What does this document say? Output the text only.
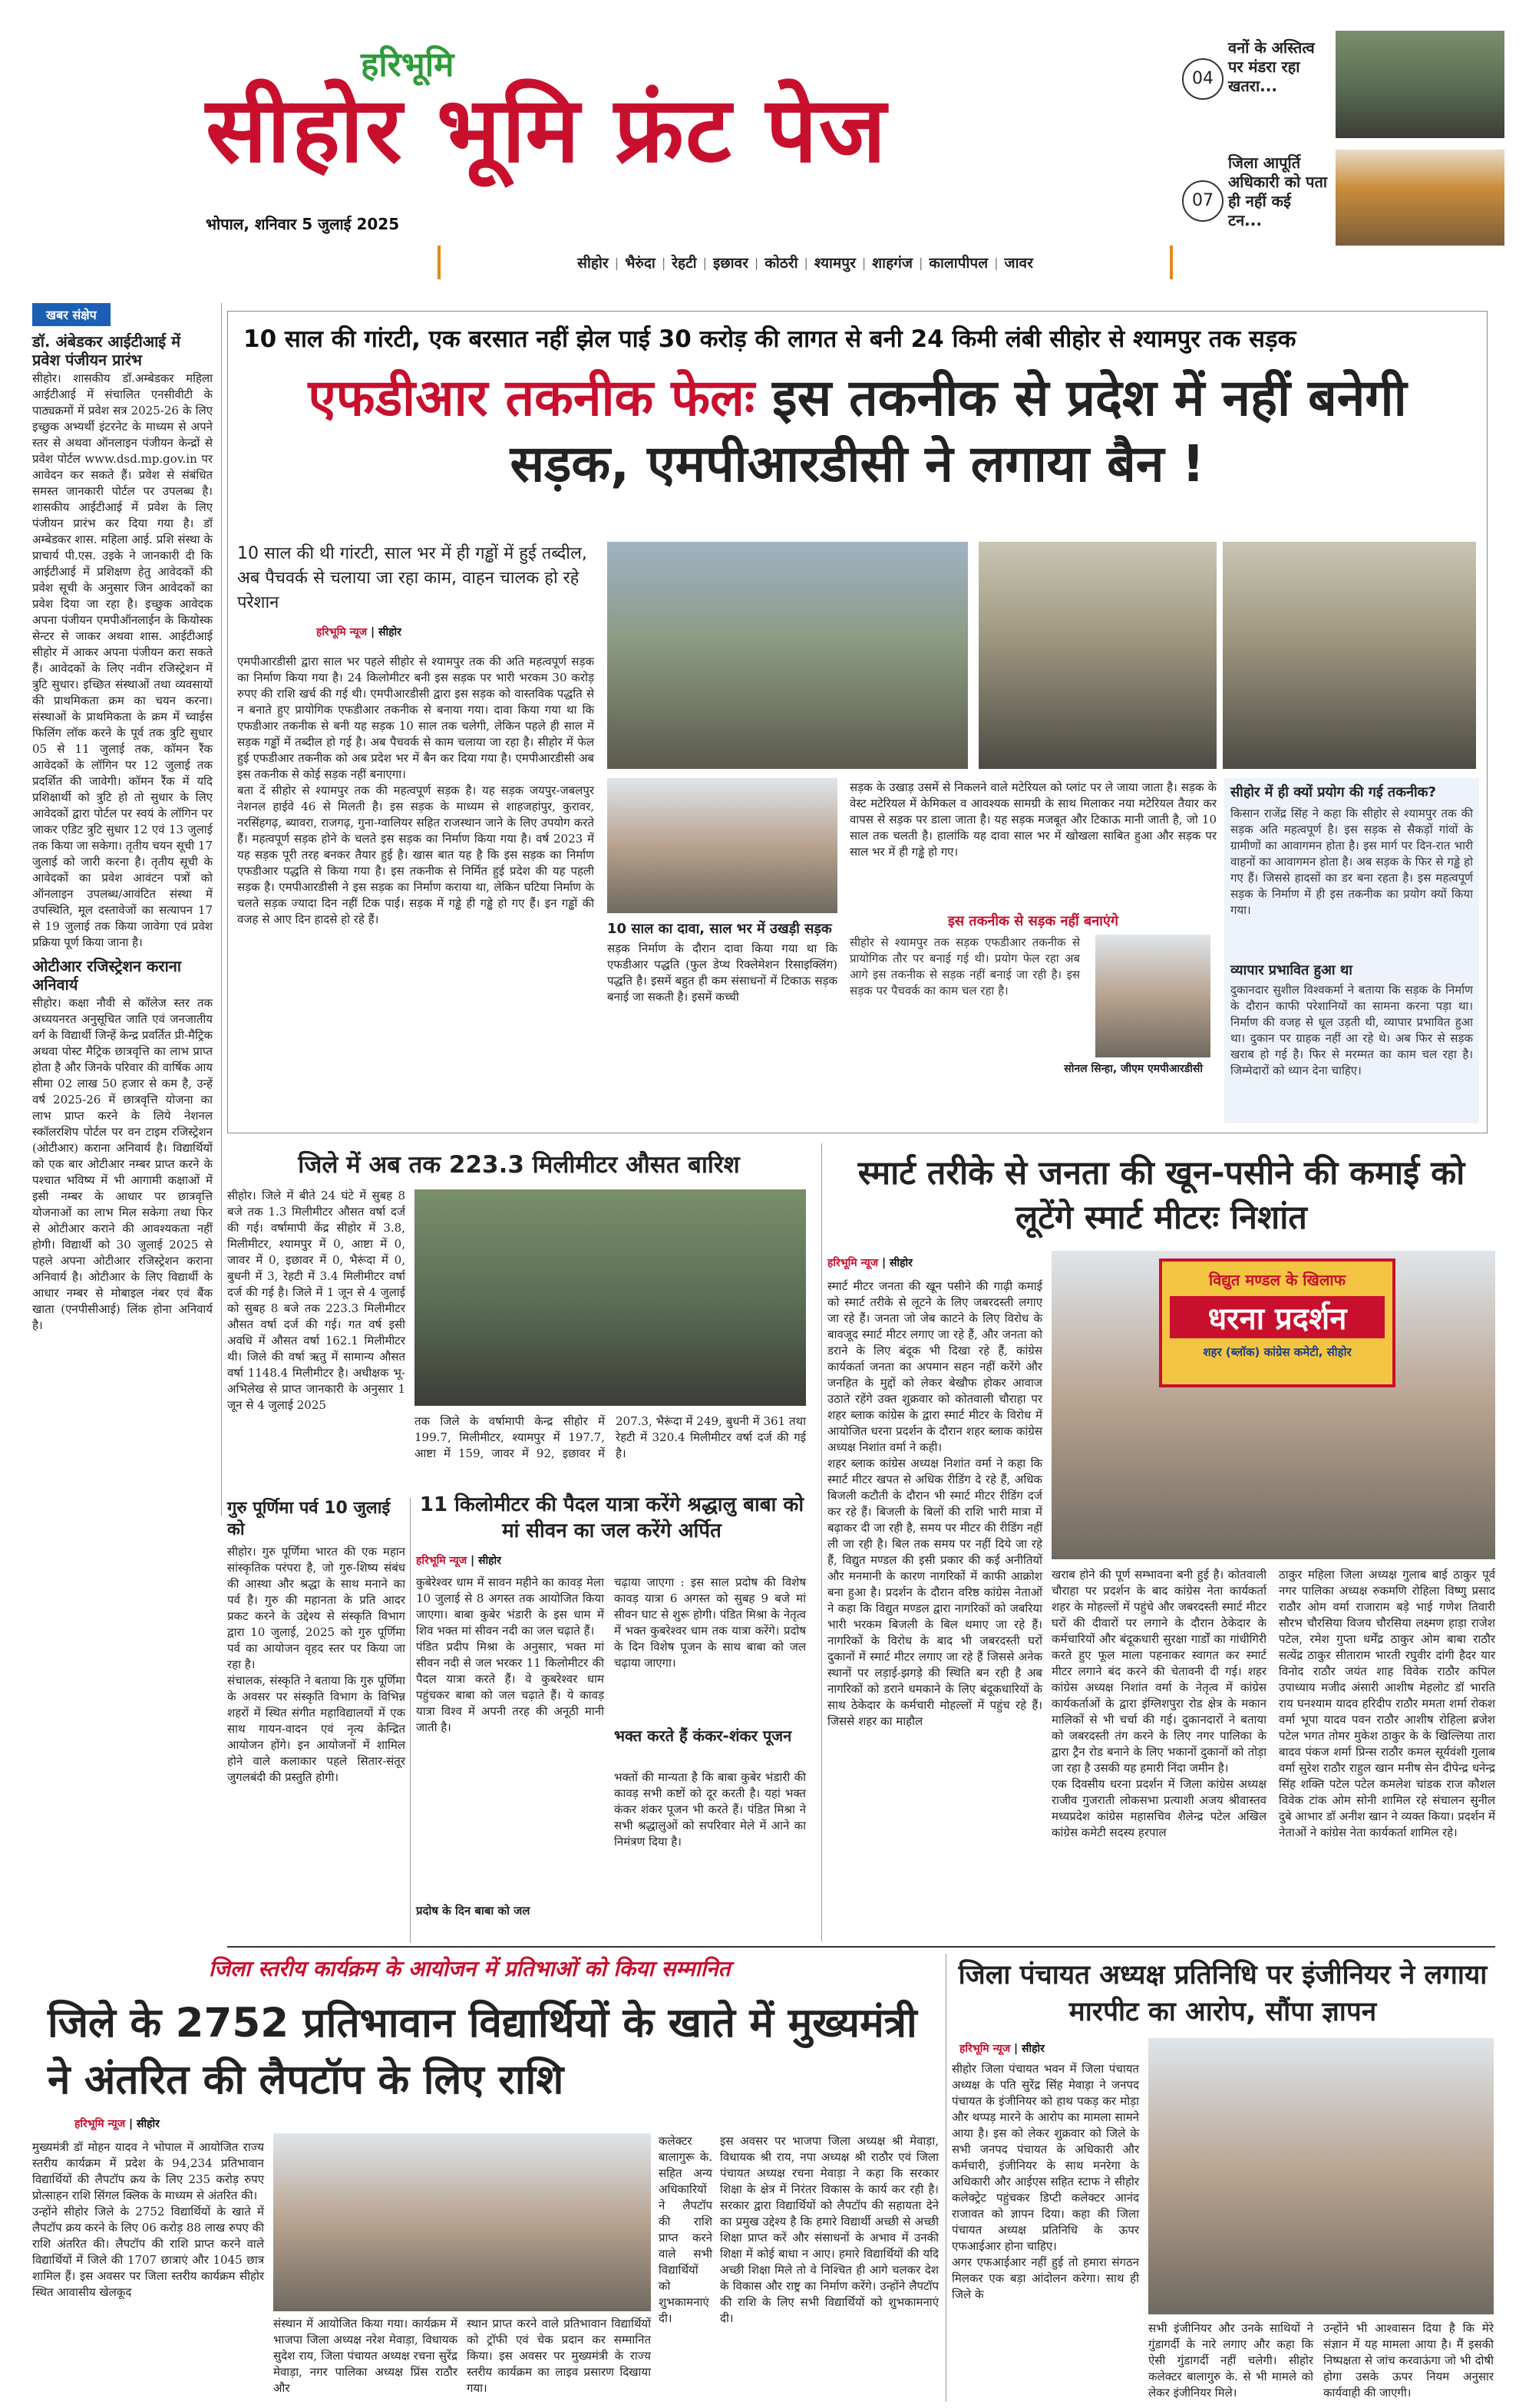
हरिभूमि
सीहोर भूमि फ्रंट पेज
भोपाल, शनिवार 5 जुलाई 2025
सीहोर | भैरुंदा | रेहटी | इछावर | कोठरी | श्यामपुर | शाहगंज | कालापीपल | जावर
04
वनों के अस्तित्व पर मंडरा रहा खतरा...
07
जिला आपूर्ति अधिकारी को पता ही नहीं कई टन...
खबर संक्षेप
डॉ. अंबेडकर आईटीआई में प्रवेश पंजीयन प्रारंभ
सीहोर। शासकीय डॉ.अम्बेडकर महिला आईटीआई में संचालित एनसीवीटी के पाठ्यक्रमों में प्रवेश सत्र 2025-26 के लिए इच्छुक अभ्यर्थी इंटरनेट के माध्यम से अपने स्तर से अथवा ऑनलाइन पंजीयन केन्द्रों से प्रवेश पोर्टल www.dsd.mp.gov.in पर आवेदन कर सकते हैं। प्रवेश से संबंधित समस्त जानकारी पोर्टल पर उपलब्ध है। शासकीय आईटीआई में प्रवेश के लिए पंजीयन प्रारंभ कर दिया गया है। डॉ अम्बेडकर शास. महिला आई. प्रशि संस्था के प्राचार्य पी.एस. उइके ने जानकारी दी कि आईटीआई में प्रशिक्षण हेतु आवेदकों की प्रवेश सूची के अनुसार जिन आवेदकों का प्रवेश दिया जा रहा है। इच्छुक आवेदक अपना पंजीयन एमपीऑनलाईन के कियोस्क सेन्टर से जाकर अथवा शास. आईटीआई सीहोर में आकर अपना पंजीयन करा सकते हैं। आवेदकों के लिए नवीन रजिस्ट्रेशन में त्रुटि सुधार। इच्छित संस्थाओं तथा व्यवसायों की प्राथमिकता क्रम का चयन करना। संस्थाओं के प्राथमिकता के क्रम में च्वाईस फिलिंग लॉक करने के पूर्व तक त्रुटि सुधार 05 से 11 जुलाई तक, कॉमन रैंक आवेदकों के लॉगिन पर 12 जुलाई तक प्रदर्शित की जावेगी। कॉमन रैंक में यदि प्रशिक्षार्थी को त्रुटि हो तो सुधार के लिए आवेदकों द्वारा पोर्टल पर स्वयं के लॉगिन पर जाकर एडिट त्रुटि सुधार 12 एवं 13 जुलाई तक किया जा सकेगा। तृतीय चयन सूची 17 जुलाई को जारी करना है। तृतीय सूची के आवेदकों का प्रवेश आवंटन पत्रों को ऑनलाइन उपलब्ध/आवंटित संस्था में उपस्थिति, मूल दस्तावेजों का सत्यापन 17 से 19 जुलाई तक किया जावेगा एवं प्रवेश प्रक्रिया पूर्ण किया जाना है।
ओटीआर रजिस्ट्रेशन कराना अनिवार्य
सीहोर। कक्षा नौवी से कॉलेज स्तर तक अध्ययनरत अनुसूचित जाति एवं जनजातीय वर्ग के विद्यार्थी जिन्हें केन्द्र प्रवर्तित प्री-मैट्रिक अथवा पोस्ट मैट्रिक छात्रवृत्ति का लाभ प्राप्त होता है और जिनके परिवार की वार्षिक आय सीमा 02 लाख 50 हजार से कम है, उन्हें वर्ष 2025-26 में छात्रवृत्ति योजना का लाभ प्राप्त करने के लिये नेशनल स्कॉलरशिप पोर्टल पर वन टाइम रजिस्ट्रेशन (ओटीआर) कराना अनिवार्य है। विद्यार्थियों को एक बार ओटीआर नम्बर प्राप्त करने के पश्चात भविष्य में भी आगामी कक्षाओं में इसी नम्बर के आधार पर छात्रवृत्ति योजनाओं का लाभ मिल सकेगा तथा फिर से ओटीआर कराने की आवश्यकता नहीं होगी। विद्यार्थी को 30 जुलाई 2025 से पहले अपना ओटीआर रजिस्ट्रेशन कराना अनिवार्य है। ओटीआर के लिए विद्यार्थी के आधार नम्बर से मोबाइल नंबर एवं बैंक खाता (एनपीसीआई) लिंक होना अनिवार्य है।
10 साल की गांरटी, एक बरसात नहीं झेल पाई 30 करोड़ की लागत से बनी 24 किमी लंबी सीहोर से श्यामपुर तक सड़क
एफडीआर तकनीक फेलः इस तकनीक से प्रदेश में नहीं बनेगी सड़क, एमपीआरडीसी ने लगाया बैन !
10 साल की थी गांरटी, साल भर में ही गड्ढों में हुई तब्दील, अब पैचवर्क से चलाया जा रहा काम, वाहन चालक हो रहे परेशान
हरिभूमि न्यूज | सीहोर
एमपीआरडीसी द्वारा साल भर पहले सीहोर से श्यामपुर तक की अति महत्वपूर्ण सड़क का निर्माण किया गया है। 24 किलोमीटर बनी इस सड़क पर भारी भरकम 30 करोड़ रुपए की राशि खर्च की गई थी। एमपीआरडीसी द्वारा इस सड़क को वास्तविक पद्धति से न बनाते हुए प्रायोगिक एफडीआर तकनीक से बनाया गया। दावा किया गया था कि एफडीआर तकनीक से बनी यह सड़क 10 साल तक चलेगी, लेकिन पहले ही साल में सड़क गड्ढों में तब्दील हो गई है। अब पैचवर्क से काम चलाया जा रहा है। सीहोर में फेल हुई एफडीआर तकनीक को अब प्रदेश भर में बैन कर दिया गया है। एमपीआरडीसी अब इस तकनीक से कोई सड़क नहीं बनाएगा।
बता दें सीहोर से श्यामपुर तक की महत्वपूर्ण सड़क है। यह सड़क जयपुर-जबलपुर नेशनल हाईवे 46 से मिलती है। इस सड़क के माध्यम से शाहजहांपुर, कुरावर, नरसिंहगढ़, ब्यावरा, राजगढ़, गुना-ग्वालियर सहित राजस्थान जाने के लिए उपयोग करते हैं। महत्वपूर्ण सड़क होने के चलते इस सड़क का निर्माण किया गया है। वर्ष 2023 में यह सड़क पूरी तरह बनकर तैयार हुई है। खास बात यह है कि इस सड़क का निर्माण एफडीआर पद्धति से किया गया है। इस तकनीक से निर्मित हुई प्रदेश की यह पहली सड़क है। एमपीआरडीसी ने इस सड़क का निर्माण कराया था, लेकिन घटिया निर्माण के चलते सड़क ज्यादा दिन नहीं टिक पाई। सड़क में गड्ढे ही गड्ढे हो गए हैं। इन गड्ढों की वजह से आए दिन हादसे हो रहे हैं।
सड़क के उखाड़ उसमें से निकलने वाले मटेरियल को प्लांट पर ले जाया जाता है। सड़क के वेस्ट मटेरियल में केमिकल व आवश्यक सामग्री के साथ मिलाकर नया मटेरियल तैयार कर वापस से सड़क पर डाला जाता है। यह सड़क मजबूत और टिकाऊ मानी जाती है, जो 10 साल तक चलती है। हालांकि यह दावा साल भर में खोखला साबित हुआ और सड़क पर साल भर में ही गड्ढे हो गए।
10 साल का दावा, साल भर में उखड़ी सड़क
सड़क निर्माण के दौरान दावा किया गया था कि एफडीआर पद्धति (फुल डेप्थ रिक्लेमेशन रिसाइक्लिंग) पद्धति है। इसमें बहुत ही कम संसाधनों में टिकाऊ सड़क बनाई जा सकती है। इसमें कच्ची
इस तकनीक से सड़क नहीं बनाएंगे
सीहोर से श्यामपुर तक सड़क एफडीआर तकनीक से प्रायोगिक तौर पर बनाई गई थी। प्रयोग फेल रहा अब आगे इस तकनीक से सड़क नहीं बनाई जा रही है। इस सड़क पर पैचवर्क का काम चल रहा है।
सोनल सिन्हा, जीएम एमपीआरडीसी
सीहोर में ही क्यों प्रयोग की गई तकनीक?
किसान राजेंद्र सिंह ने कहा कि सीहोर से श्यामपुर तक की सड़क अति महत्वपूर्ण है। इस सड़क से सैकड़ों गांवों के ग्रामीणों का आवागमन होता है। इस मार्ग पर दिन-रात भारी वाहनों का आवागमन होता है। अब सड़क के फिर से गड्ढे हो गए हैं। जिससे हादसों का डर बना रहता है। इस महत्वपूर्ण सड़क के निर्माण में ही इस तकनीक का प्रयोग क्यों किया गया।
व्यापार प्रभावित हुआ था
दुकानदार सुशील विश्वकर्मा ने बताया कि सड़क के निर्माण के दौरान काफी परेशानियों का सामना करना पड़ा था। निर्माण की वजह से धूल उड़ती थी, व्यापार प्रभावित हुआ था। दुकान पर ग्राहक नहीं आ रहे थे। अब फिर से सड़क खराब हो गई है। फिर से मरम्मत का काम चल रहा है। जिम्मेदारों को ध्यान देना चाहिए।
जिले में अब तक 223.3 मिलीमीटर औसत बारिश
सीहोर। जिले में बीते 24 घंटे में सुबह 8 बजे तक 1.3 मिलीमीटर औसत वर्षा दर्ज की गई। वर्षामापी केंद्र सीहोर में 3.8, मिलीमीटर, श्यामपुर में 0, आष्टा में 0, जावर में 0, इछावर में 0, भैरूंदा में 0, बुधनी में 3, रेहटी में 3.4 मिलीमीटर वर्षा दर्ज की गई है। जिले में 1 जून से 4 जुलाई को सुबह 8 बजे तक 223.3 मिलीमीटर औसत वर्षा दर्ज की गई। गत वर्ष इसी अवधि में औसत वर्षा 162.1 मिलीमीटर थी। जिले की वर्षा ऋतु में सामान्य औसत वर्षा 1148.4 मिलीमीटर है। अधीक्षक भू-अभिलेख से प्राप्त जानकारी के अनुसार 1 जून से 4 जुलाई 2025
तक जिले के वर्षामापी केन्द्र सीहोर में 199.7, मिलीमीटर, श्यामपुर में 197.7, आष्टा में 159, जावर में 92, इछावर में 207.3, भैरूंदा में 249, बुधनी में 361 तथा रेहटी में 320.4 मिलीमीटर वर्षा दर्ज की गई है।
गुरु पूर्णिमा पर्व 10 जुलाई को
सीहोर। गुरु पूर्णिमा भारत की एक महान सांस्कृतिक परंपरा है, जो गुरु-शिष्य संबंध की आस्था और श्रद्धा के साथ मनाने का पर्व है। गुरु की महानता के प्रति आदर प्रकट करने के उद्देश्य से संस्कृति विभाग द्वारा 10 जुलाई, 2025 को गुरु पूर्णिमा पर्व का आयोजन वृहद स्तर पर किया जा रहा है।
संचालक, संस्कृति ने बताया कि गुरु पूर्णिमा के अवसर पर संस्कृति विभाग के विभिन्न शहरों में स्थित संगीत महाविद्यालयों में एक साथ गायन-वादन एवं नृत्य केन्द्रित आयोजन होंगे। इन आयोजनों में शामिल होने वाले कलाकार पहले सितार-संतूर जुगलबंदी की प्रस्तुति होगी।
11 किलोमीटर की पैदल यात्रा करेंगे श्रद्धालु बाबा को मां सीवन का जल करेंगे अर्पित
हरिभूमि न्यूज | सीहोर
कुबेरेश्वर धाम में सावन महीने का कावड़ मेला 10 जुलाई से 8 अगस्त तक आयोजित किया जाएगा। बाबा कुबेर भंडारी के इस धाम में शिव भक्त मां सीवन नदी का जल चढ़ाते हैं।
पंडित प्रदीप मिश्रा के अनुसार, भक्त मां सीवन नदी से जल भरकर 11 किलोमीटर की पैदल यात्रा करते हैं। वे कुबरेश्वर धाम पहुंचकर बाबा को जल चढ़ाते हैं। ये कावड़ यात्रा विश्व में अपनी तरह की अनूठी मानी जाती है।
प्रदोष के दिन बाबा को जल
चढ़ाया जाएगा : इस साल प्रदोष की विशेष कावड़ यात्रा 6 अगस्त को सुबह 9 बजे मां सीवन घाट से शुरू होगी। पंडित मिश्रा के नेतृत्व में भक्त कुबरेश्वर धाम तक यात्रा करेंगे। प्रदोष के दिन विशेष पूजन के साथ बाबा को जल चढ़ाया जाएगा।
भक्त करते हैं कंकर-शंकर पूजन
भक्तों की मान्यता है कि बाबा कुबेर भंडारी की कावड़ सभी कष्टों को दूर करती है। यहां भक्त कंकर शंकर पूजन भी करते हैं। पंडित मिश्रा ने सभी श्रद्धालुओं को सपरिवार मेले में आने का निमंत्रण दिया है।
स्मार्ट तरीके से जनता की खून-पसीने की कमाई को लूटेंगे स्मार्ट मीटरः निशांत
हरिभूमि न्यूज | सीहोर
स्मार्ट मीटर जनता की खून पसीने की गाढ़ी कमाई को स्मार्ट तरीके से लूटने के लिए जबरदस्ती लगाए जा रहे हैं। जनता जो जेब काटने के लिए विरोध के बावजूद स्मार्ट मीटर लगाए जा रहे हैं, और जनता को डराने के लिए बंदूक भी दिखा रहे हैं, कांग्रेस कार्यकर्ता जनता का अपमान सहन नहीं करेंगे और जनहित के मुद्दों को लेकर बेखौफ होकर आवाज उठाते रहेंगे उक्त शुक्रवार को कोतवाली चौराहा पर शहर ब्लाक कांग्रेस के द्वारा स्मार्ट मीटर के विरोध में आयोजित धरना प्रदर्शन के दौरान शहर ब्लाक कांग्रेस अध्यक्ष निशांत वर्मा ने कही।
शहर ब्लाक कांग्रेस अध्यक्ष निशांत वर्मा ने कहा कि स्मार्ट मीटर खपत से अधिक रीडिंग दे रहे हैं, अधिक बिजली कटौती के दौरान भी स्मार्ट मीटर रीडिंग दर्ज कर रहे हैं। बिजली के बिलों की राशि भारी मात्रा में बढ़ाकर दी जा रही है, समय पर मीटर की रीडिंग नहीं ली जा रही है। बिल तक समय पर नहीं दिये जा रहे हैं, विद्युत मण्डल की इसी प्रकार की कई अनीतियों और मनमानी के कारण नागरिकों में काफी आक्रोश बना हुआ है। प्रदर्शन के दौरान वरिष्ठ कांग्रेस नेताओं ने कहा कि विद्युत मण्डल द्वारा नागरिकों को जबरिया भारी भरकम बिजली के बिल थमाए जा रहे हैं। नागरिकों के विरोध के बाद भी जबरदस्ती घरों दुकानों में स्मार्ट मीटर लगाए जा रहे हैं जिससे अनेक स्थानों पर लड़ाई-झगड़े की स्थिति बन रही है अब नागरिकों को डराने धमकाने के लिए बंदूकधारियों के साथ ठेकेदार के कर्मचारी मोहल्लों में पहुंच रहे हैं। जिससे शहर का माहौल
विद्युत मण्डल के खिलाफ
धरना प्रदर्शन
शहर (ब्लॉक) कांग्रेस कमेटी, सीहोर
खराब होने की पूर्ण सम्भावना बनी हुई है। कोतवाली चौराहा पर प्रदर्शन के बाद कांग्रेस नेता कार्यकर्ता शहर के मोहल्लों में पहुंचे और जबरदस्ती स्मार्ट मीटर घरों की दीवारों पर लगाने के दौरान ठेकेदार के कर्मचारियों और बंदूकधारी सुरक्षा गार्डों का गांधीगिरी करते हुए फूल माला पहनाकर स्वागत कर स्मार्ट मीटर लगाने बंद करने की चेतावनी दी गई। शहर कांग्रेस अध्यक्ष निशांत वर्मा के नेतृत्व में कांग्रेस कार्यकर्ताओं के द्वारा इंग्लिशपुरा रोड क्षेत्र के मकान मालिकों से भी चर्चा की गई। दुकानदारों ने बताया को जबरदस्ती तंग करने के लिए नगर पालिका के द्वारा ट्रैन रोड बनाने के लिए भकानों दुकानों को तोड़ा जा रहा है उसकी यह हमारी निंदा जमीन है।
एक दिवसीय धरना प्रदर्शन में जिला कांग्रेस अध्यक्ष राजीव गुजराती लोकसभा प्रत्याशी अजय श्रीवास्तव मध्यप्रदेश कांग्रेस महासचिव शैलेन्द्र पटेल अखिल कांग्रेस कमेटी सदस्य हरपाल
ठाकुर महिला जिला अध्यक्ष गुलाब बाई ठाकुर पूर्व नगर पालिका अध्यक्ष रुकमणि रोहिला विष्णु प्रसाद राठौर ओम वर्मा राजाराम बड़े भाई गणेश तिवारी सौरभ चौरसिया विजय चौरसिया लक्ष्मण हाड़ा राजेश पटेल, रमेश गुप्ता धर्मेंद्र ठाकुर ओम बाबा राठौर सत्येंद्र ठाकुर सीताराम भारती रघुवीर दांगी हैदर यार विनोद राठौर जयंत शाह विवेक राठौर कपिल उपाध्याय मजीद अंसारी आशीष मेहलोट डॉ भारति राय घनश्याम यादव हरिदीप राठौर ममता शर्मा रोकश वर्मा भूपा यादव पवन राठौर आशीष रोहिला ब्रजेश पटेल भगत तोमर मुकेश ठाकुर के के खिल्लिया तारा बादव पंकज शर्मा प्रिन्स राठौर कमल सूर्यवंशी गुलाब वर्मा सुरेश राठौर राहुल खान मनीष सेन दीपेन्द्र धनेन्द्र सिंह शक्ति पटेल पटेल कमलेश चांडक राज कौशल विवेक टांक ओम सोनी शामिल रहे संचालन सुनील दुबे आभार डॉ अनीश खान ने व्यक्त किया। प्रदर्शन में नेताओं ने कांग्रेस नेता कार्यकर्ता शामिल रहे।
जिला स्तरीय कार्यक्रम के आयोजन में प्रतिभाओं को किया सम्मानित
जिले के 2752 प्रतिभावान विद्यार्थियों के खाते में मुख्यमंत्री ने अंतरित की लैपटॉप के लिए राशि
हरिभूमि न्यूज | सीहोर
मुख्यमंत्री डॉ मोहन यादव ने भोपाल में आयोजित राज्य स्तरीय कार्यक्रम में प्रदेश के 94,234 प्रतिभावान विद्यार्थियों की लैपटॉप क्रय के लिए 235 करोड़ रुपए प्रोत्साहन राशि सिंगल क्लिक के माध्यम से अंतरित की।
उन्होंने सीहोर जिले के 2752 विद्यार्थियों के खाते में लैपटॉप क्रय करने के लिए 06 करोड़ 88 लाख रुपए की राशि अंतरित की। लैपटॉप की राशि प्राप्त करने वाले विद्यार्थियों में जिले की 1707 छात्राएं और 1045 छात्र शामिल हैं। इस अवसर पर जिला स्तरीय कार्यक्रम सीहोर स्थित आवासीय खेलकूद
कलेक्टर बालागुरू के. सहित अन्य अधिकारियों ने लैपटॉप की राशि प्राप्त करने वाले सभी विद्यार्थियों को शुभकामनाएं दी।
संस्थान में आयोजित किया गया। कार्यक्रम में भाजपा जिला अध्यक्ष नरेश मेवाड़ा, विधायक सुदेश राय, जिला पंचायत अध्यक्ष रचना सुरेंद्र मेवाड़ा, नगर पालिका अध्यक्ष प्रिंस राठौर और
स्थान प्राप्त करने वाले प्रतिभावान विद्यार्थियों को ट्रॉफी एवं चेक प्रदान कर सम्मानित किया। इस अवसर पर मुख्यमंत्री के राज्य स्तरीय कार्यक्रम का लाइव प्रसारण दिखाया गया।
इस अवसर पर भाजपा जिला अध्यक्ष श्री मेवाड़ा, विधायक श्री राय, नपा अध्यक्ष श्री राठौर एवं जिला पंचायत अध्यक्ष रचना मेवाड़ा ने कहा कि सरकार शिक्षा के क्षेत्र में निरंतर विकास के कार्य कर रही है। सरकार द्वारा विद्यार्थियों को लैपटॉप की सहायता देने का प्रमुख उद्देश्य है कि हमारे विद्यार्थी अच्छी से अच्छी शिक्षा प्राप्त करें और संसाधनों के अभाव में उनकी शिक्षा में कोई बाधा न आए। हमारे विद्यार्थियों की यदि अच्छी शिक्षा मिले तो वे निश्चित ही आगे चलकर देश के विकास और राष्ट्र का निर्माण करेंगे। उन्होंने लैपटॉप की राशि के लिए सभी विद्यार्थियों को शुभकामनाएं दी।
जिला पंचायत अध्यक्ष प्रतिनिधि पर इंजीनियर ने लगाया मारपीट का आरोप, सौंपा ज्ञापन
हरिभूमि न्यूज | सीहोर
सीहोर जिला पंचायत भवन में जिला पंचायत अध्यक्ष के पति सुरेंद्र सिंह मेवाड़ा ने जनपद पंचायत के इंजीनियर को हाथ पकड़ कर मोड़ा और थप्पड़ मारने के आरोप का मामला सामने आया है। इस को लेकर शुक्रवार को जिले के सभी जनपद पंचायत के अधिकारी और कर्मचारी, इंजीनियर के साथ मनरेगा के अधिकारी और आईएस सहित स्टाफ ने सीहोर कलेक्ट्रेट पहुंचकर डिप्टी कलेक्टर आनंद राजावत को ज्ञापन दिया। कहा की जिला पंचायत अध्यक्ष प्रतिनिधि के ऊपर एफआईआर होना चाहिए।
अगर एफआईआर नहीं हुई तो हमारा संगठन मिलकर एक बड़ा आंदोलन करेगा। साथ ही जिले के
सभी इंजीनियर और उनके साथियों ने गुंडागर्दी के नारे लगाए और कहा कि ऐसी गुंडागर्दी नहीं चलेगी। सीहोर कलेक्टर बालागुरु के. से भी मामले को लेकर इंजीनियर मिले।
उन्होंने भी आश्वासन दिया है कि मेरे संज्ञान में यह मामला आया है। मैं इसकी निष्पक्षता से जांच करवाऊंगा जो भी दोषी होगा उसके ऊपर नियम अनुसार कार्यवाही की जाएगी।
